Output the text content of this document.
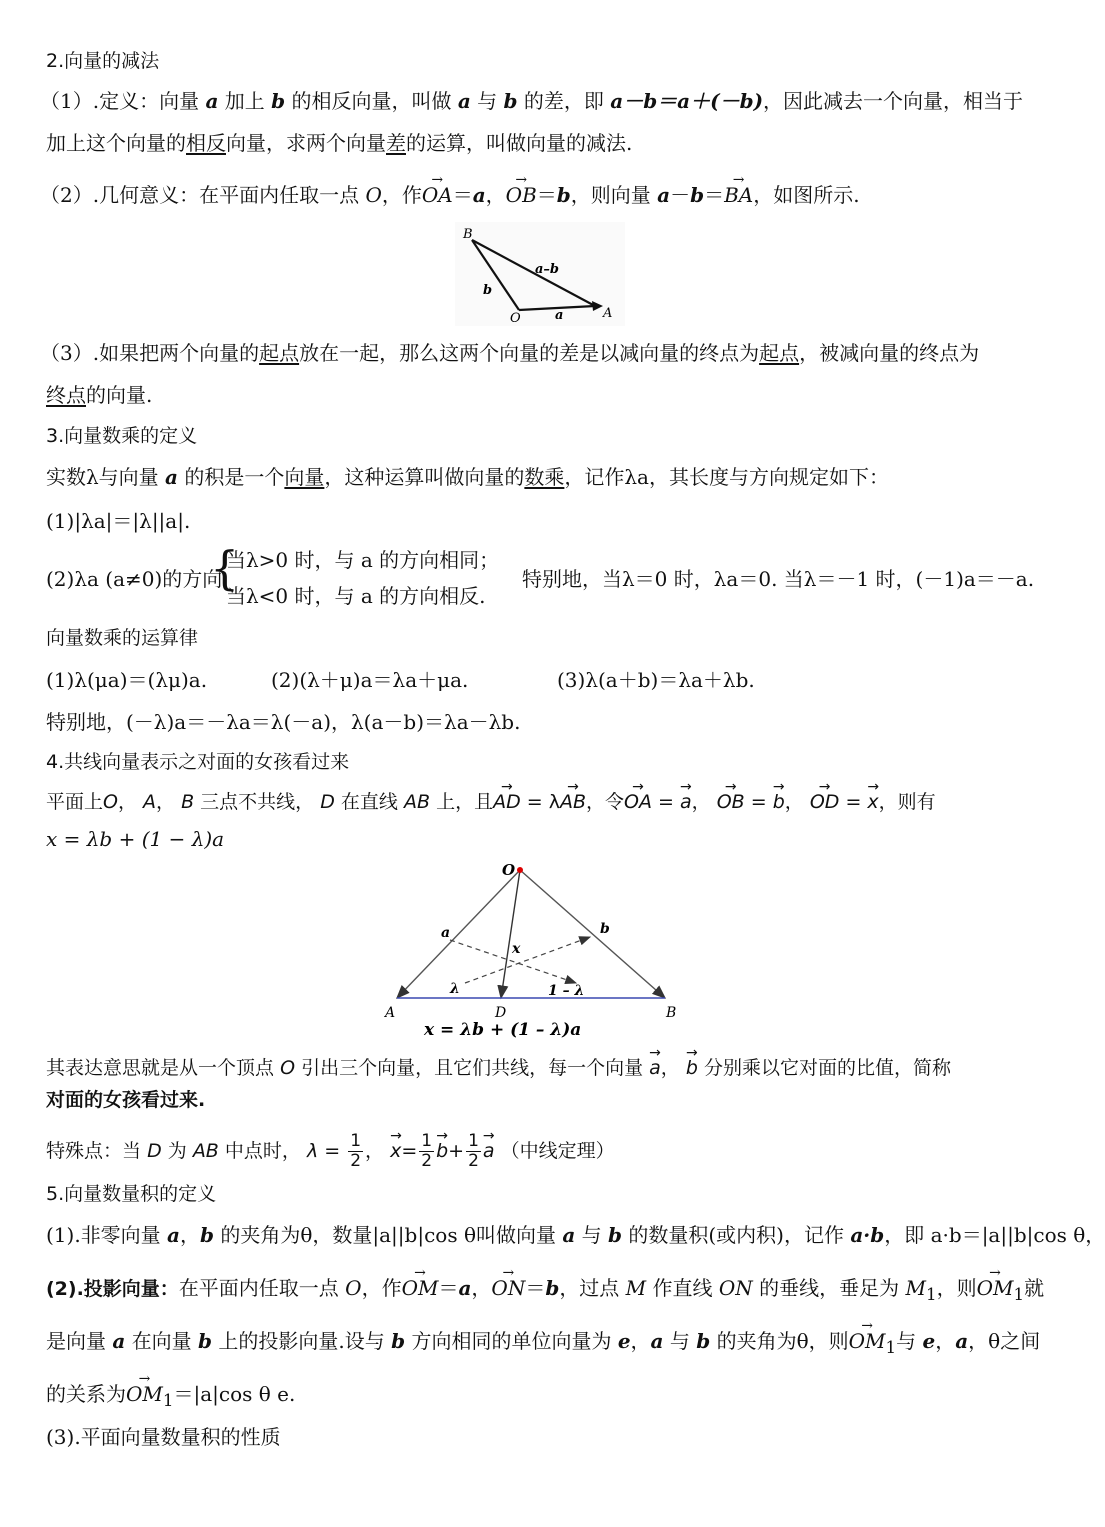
2.向量的减法
（1）.定义：向量 a 加上 b 的相反向量，叫做 a 与 b 的差，即 a－b＝a＋(－b)，因此减去一个向量，相当于
加上这个向量的相反向量，求两个向量差的运算，叫做向量的减法.
（2）.几何意义：在平面内任取一点 O，作OA →＝a，OB →＝b，则向量 a－b＝BA →，如图所示.
B
O	A
a–b
b
a
（3）.如果把两个向量的起点放在一起，那么这两个向量的差是以减向量的终点为起点，被减向量的终点为
终点的向量.
3.向量数乘的定义
实数λ与向量 a 的积是一个向量，这种运算叫做向量的数乘，记作λa，其长度与方向规定如下：
(1)|λa|＝|λ||a|.
(2)λa (a≠0)的方向
{
当λ>0 时，与 a 的方向相同；
当λ<0 时，与 a 的方向相反.
特别地，当λ＝0 时，λa＝0. 当λ＝－1 时，(－1)a＝－a.
向量数乘的运算律
(1)λ(μa)＝(λμ)a.	(2)(λ＋μ)a＝λa＋μa.	(3)λ(a＋b)＝λa＋λb.
特别地，(－λ)a＝－λa＝λ(－a)，λ(a－b)＝λa－λb.
4.共线向量表示之对面的女孩看过来
平面上O， A， B 三点不共线， D 在直线 AB 上，且AD → = λAB →，令OA → = a →， OB → = b →， OD → = x →，则有
x = λb + (1 − λ)a
O
A	D	B
a	b
x
λ	1 – λ
x = λb + (1 – λ)a
其表达意思就是从一个顶点 O 引出三个向量，且它们共线，每一个向量 a →， b → 分别乘以它对面的比值，简称
对面的女孩看过来.
特殊点：当 D 为 AB 中点时， $\lambda = \frac{1}{2}$ ， $x \to= \frac{1}{2}$ $b \to+ \frac{1}{2}$ a → （中线定理）
5.向量数量积的定义
(1).非零向量 a，b 的夹角为θ，数量|a||b|cos θ叫做向量 a 与 b 的数量积(或内积)，记作 a·b，即 a·b＝|a||b|cos θ，
(2).投影向量：在平面内任取一点 O，作OM →＝a，ON →＝b，过点 M 作直线 ON 的垂线，垂足为 $M_1$，则OM $\to_1$就
是向量 a 在向量 b 上的投影向量.设与 b 方向相同的单位向量为 e，a 与 b 的夹角为θ，则OM $\to_1$与 e，a，θ之间
的关系为OM $\to_1=|a|\cos$ θ e.
(3).平面向量数量积的性质
